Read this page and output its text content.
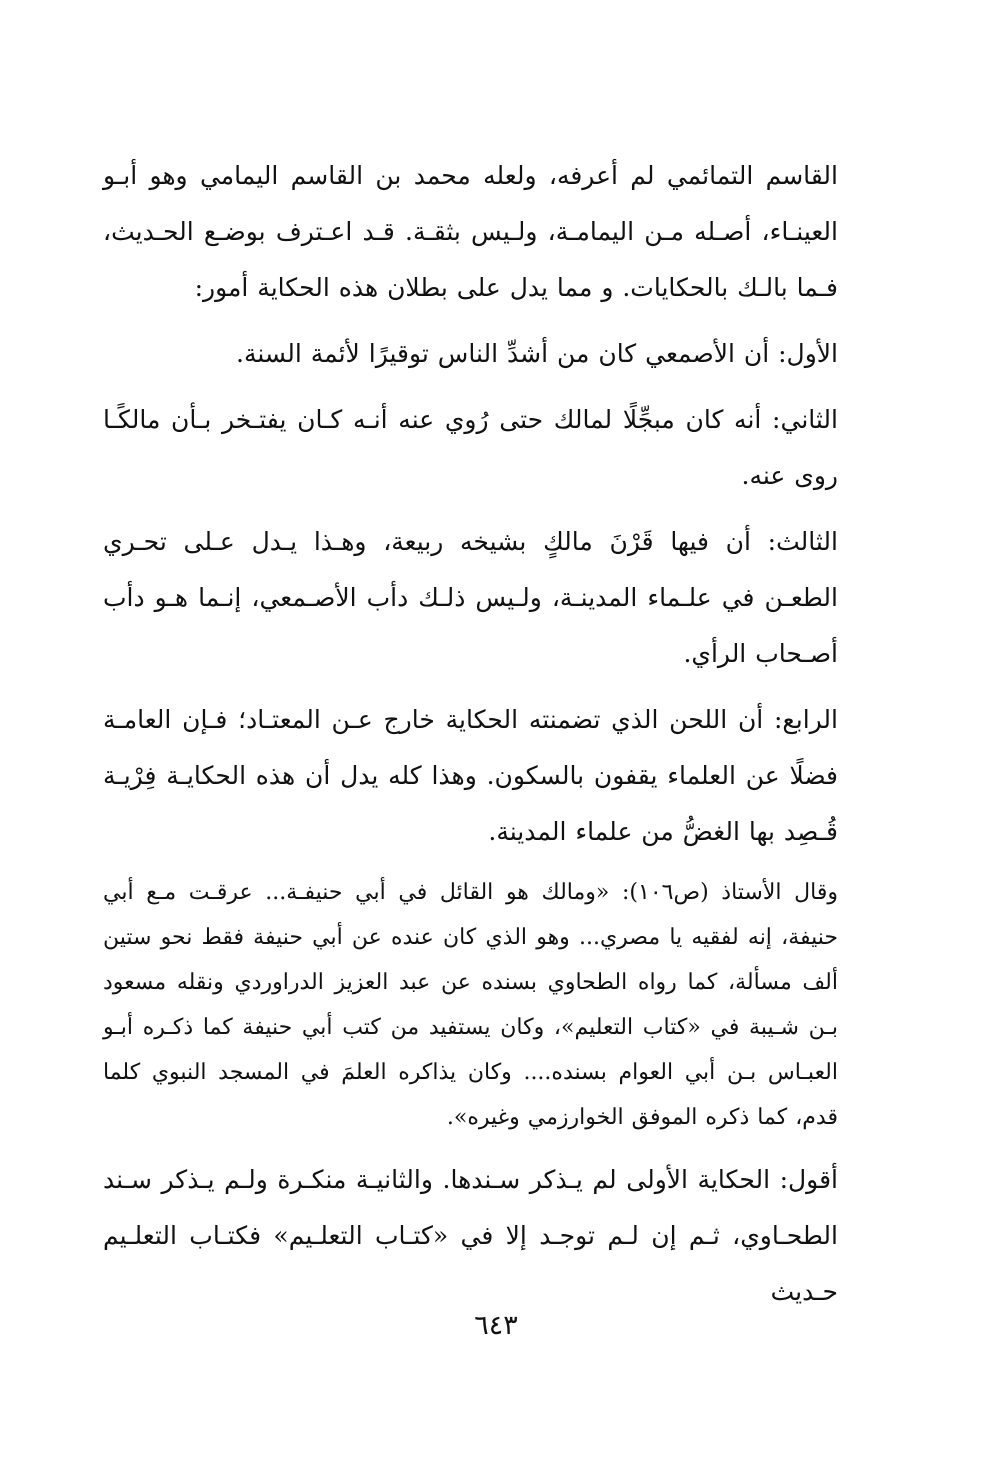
القاسم التمائمي لم أعرفه، ولعله محمد بن القاسم اليمامي وهو أبـو العينـاء، أصـله مـن اليمامـة، ولـيس بثقـة. قـد اعـترف بوضـع الحـديث، فـما بالـك بالحكايات. و مما يدل على بطلان هذه الحكاية أمور:

الأول: أن الأصمعي كان من أشدِّ الناس توقيرًا لأئمة السنة.

الثاني: أنه كان مبجِّلًا لمالك حتى رُوي عنه أنـه كـان يفتـخر بـأن مالكًـا روى عنه.

الثالث: أن فيها قَرْنَ مالكٍ بشيخه ربيعة، وهـذا يـدل عـلى تحـري الطعـن في علـماء المدينـة، ولـيس ذلـك دأب الأصـمعي، إنـما هـو دأب أصـحاب الرأي.

الرابع: أن اللحن الذي تضمنته الحكاية خارج عـن المعتـاد؛ فـإن العامـة فضلًا عن العلماء يقفون بالسكون. وهذا كله يدل أن هذه الحكايـة فِرْيـة قُـصِد بها الغضُّ من علماء المدينة.

وقال الأستاذ (ص١٠٦): «ومالك هو القائل في أبي حنيفـة... عرقـت مـع أبي حنيفة، إنه لفقيه يا مصري... وهو الذي كان عنده عن أبي حنيفة فقط نحو ستين ألف مسألة، كما رواه الطحاوي بسنده عن عبد العزيز الدراوردي ونقله مسعود بـن شـيبة في «كتاب التعليم»، وكان يستفيد من كتب أبي حنيفة كما ذكـره أبـو العبـاس بـن أبي العوام بسنده.... وكان يذاكره العلمَ في المسجد النبوي كلما قدم، كما ذكره الموفق الخوارزمي وغيره».

أقول: الحكاية الأولى لم يـذكر سـندها. والثانيـة منكـرة ولـم يـذكر سـند الطحـاوي، ثـم إن لـم توجـد إلا في «كتـاب التعلـيم» فكتـاب التعلـيم حـديث

٦٤٣
